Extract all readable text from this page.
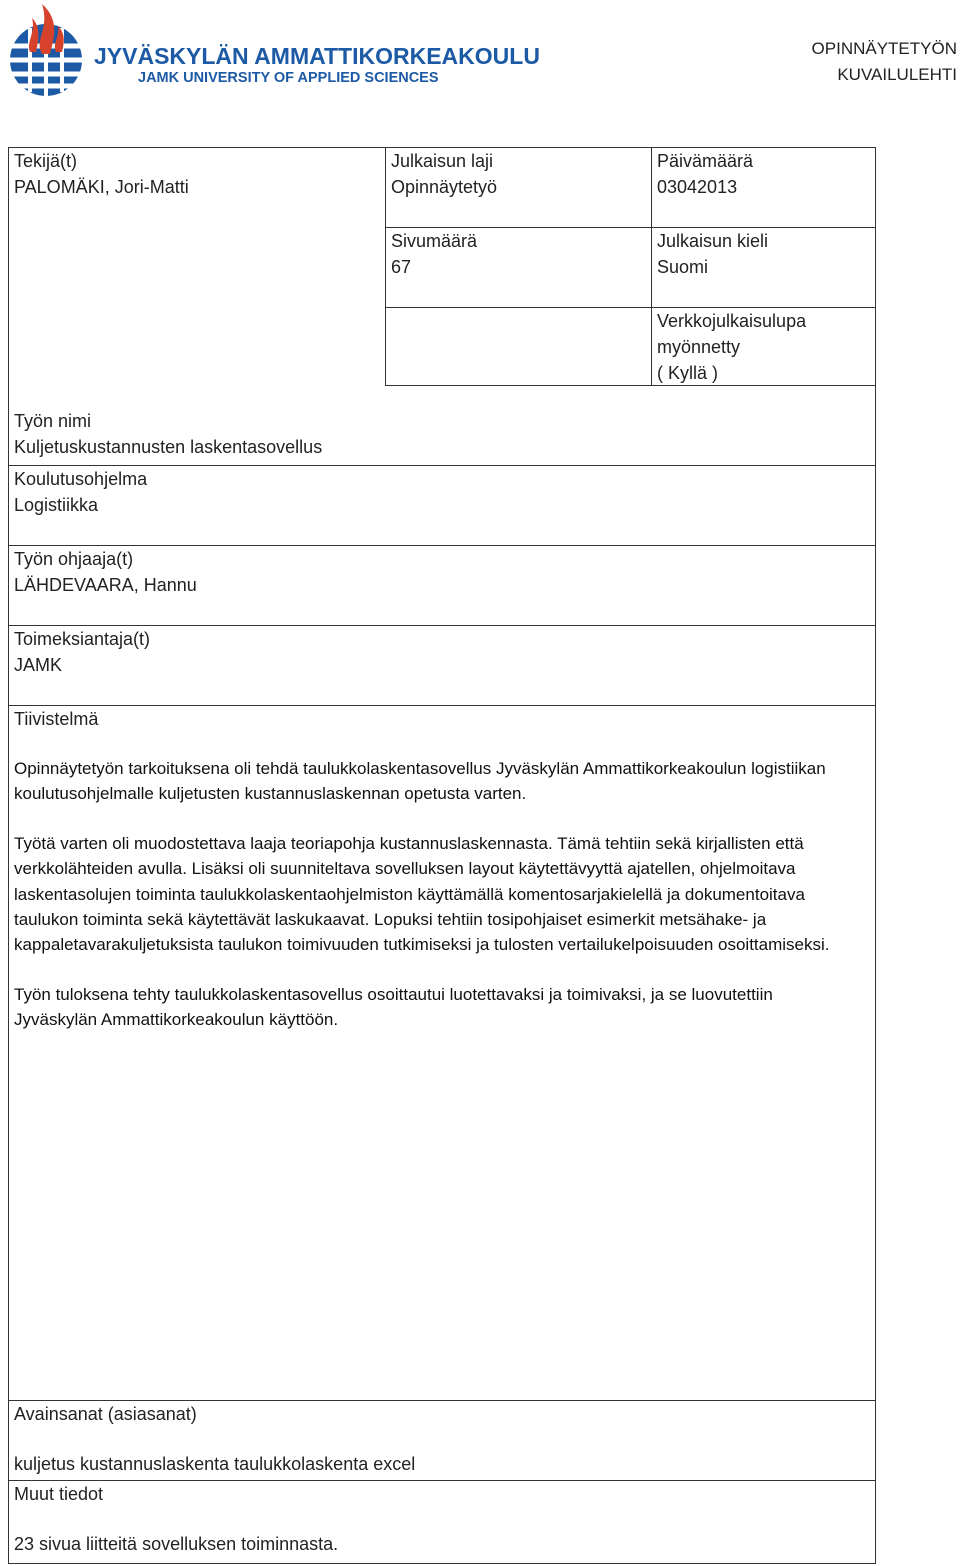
JYVÄSKYLÄN AMMATTIKORKEAKOULU
JAMK UNIVERSITY OF APPLIED SCIENCES
OPINNÄYTETYÖN
KUVAILULEHTI
Tekijä(t)
PALOMÄKI, Jori-Matti
Julkaisun laji
Opinnäytetyö
Päivämäärä
03042013
Sivumäärä
67
Julkaisun kieli
Suomi
Verkkojulkaisulupa
myönnetty
( Kyllä )
Työn nimi
Kuljetuskustannusten laskentasovellus
Koulutusohjelma
Logistiikka
Työn ohjaaja(t)
LÄHDEVAARA, Hannu
Toimeksiantaja(t)
JAMK
Tiivistelmä

Opinnäytetyön tarkoituksena oli tehdä taulukkolaskentasovellus Jyväskylän Ammattikorkeakoulun logistiikan koulutusohjelmalle kuljetusten kustannuslaskennan opetusta varten.

Työtä varten oli muodostettava laaja teoriapohja kustannuslaskennasta. Tämä tehtiin sekä kirjallisten että verkkolähteiden avulla. Lisäksi oli suunniteltava sovelluksen layout käytettävyyttä ajatellen, ohjelmoitava laskentasolujen toiminta taulukkolaskentaohjelmiston käyttämällä komentosarjakielellä ja dokumentoitava taulukon toiminta sekä käytettävät laskukaavat. Lopuksi tehtiin tosipohjaiset esimerkit metsähake- ja kappaletavarakuljetuksista taulukon toimivuuden tutkimiseksi ja tulosten vertailukelpoisuuden osoittamiseksi.

Työn tuloksena tehty taulukkolaskentasovellus osoittautui luotettavaksi ja toimivaksi, ja se luovutettiin Jyväskylän Ammattikorkeakoulun käyttöön.

Avainsanat (asiasanat)
kuljetus kustannuslaskenta taulukkolaskenta excel
Muut tiedot
23 sivua liitteitä sovelluksen toiminnasta.
